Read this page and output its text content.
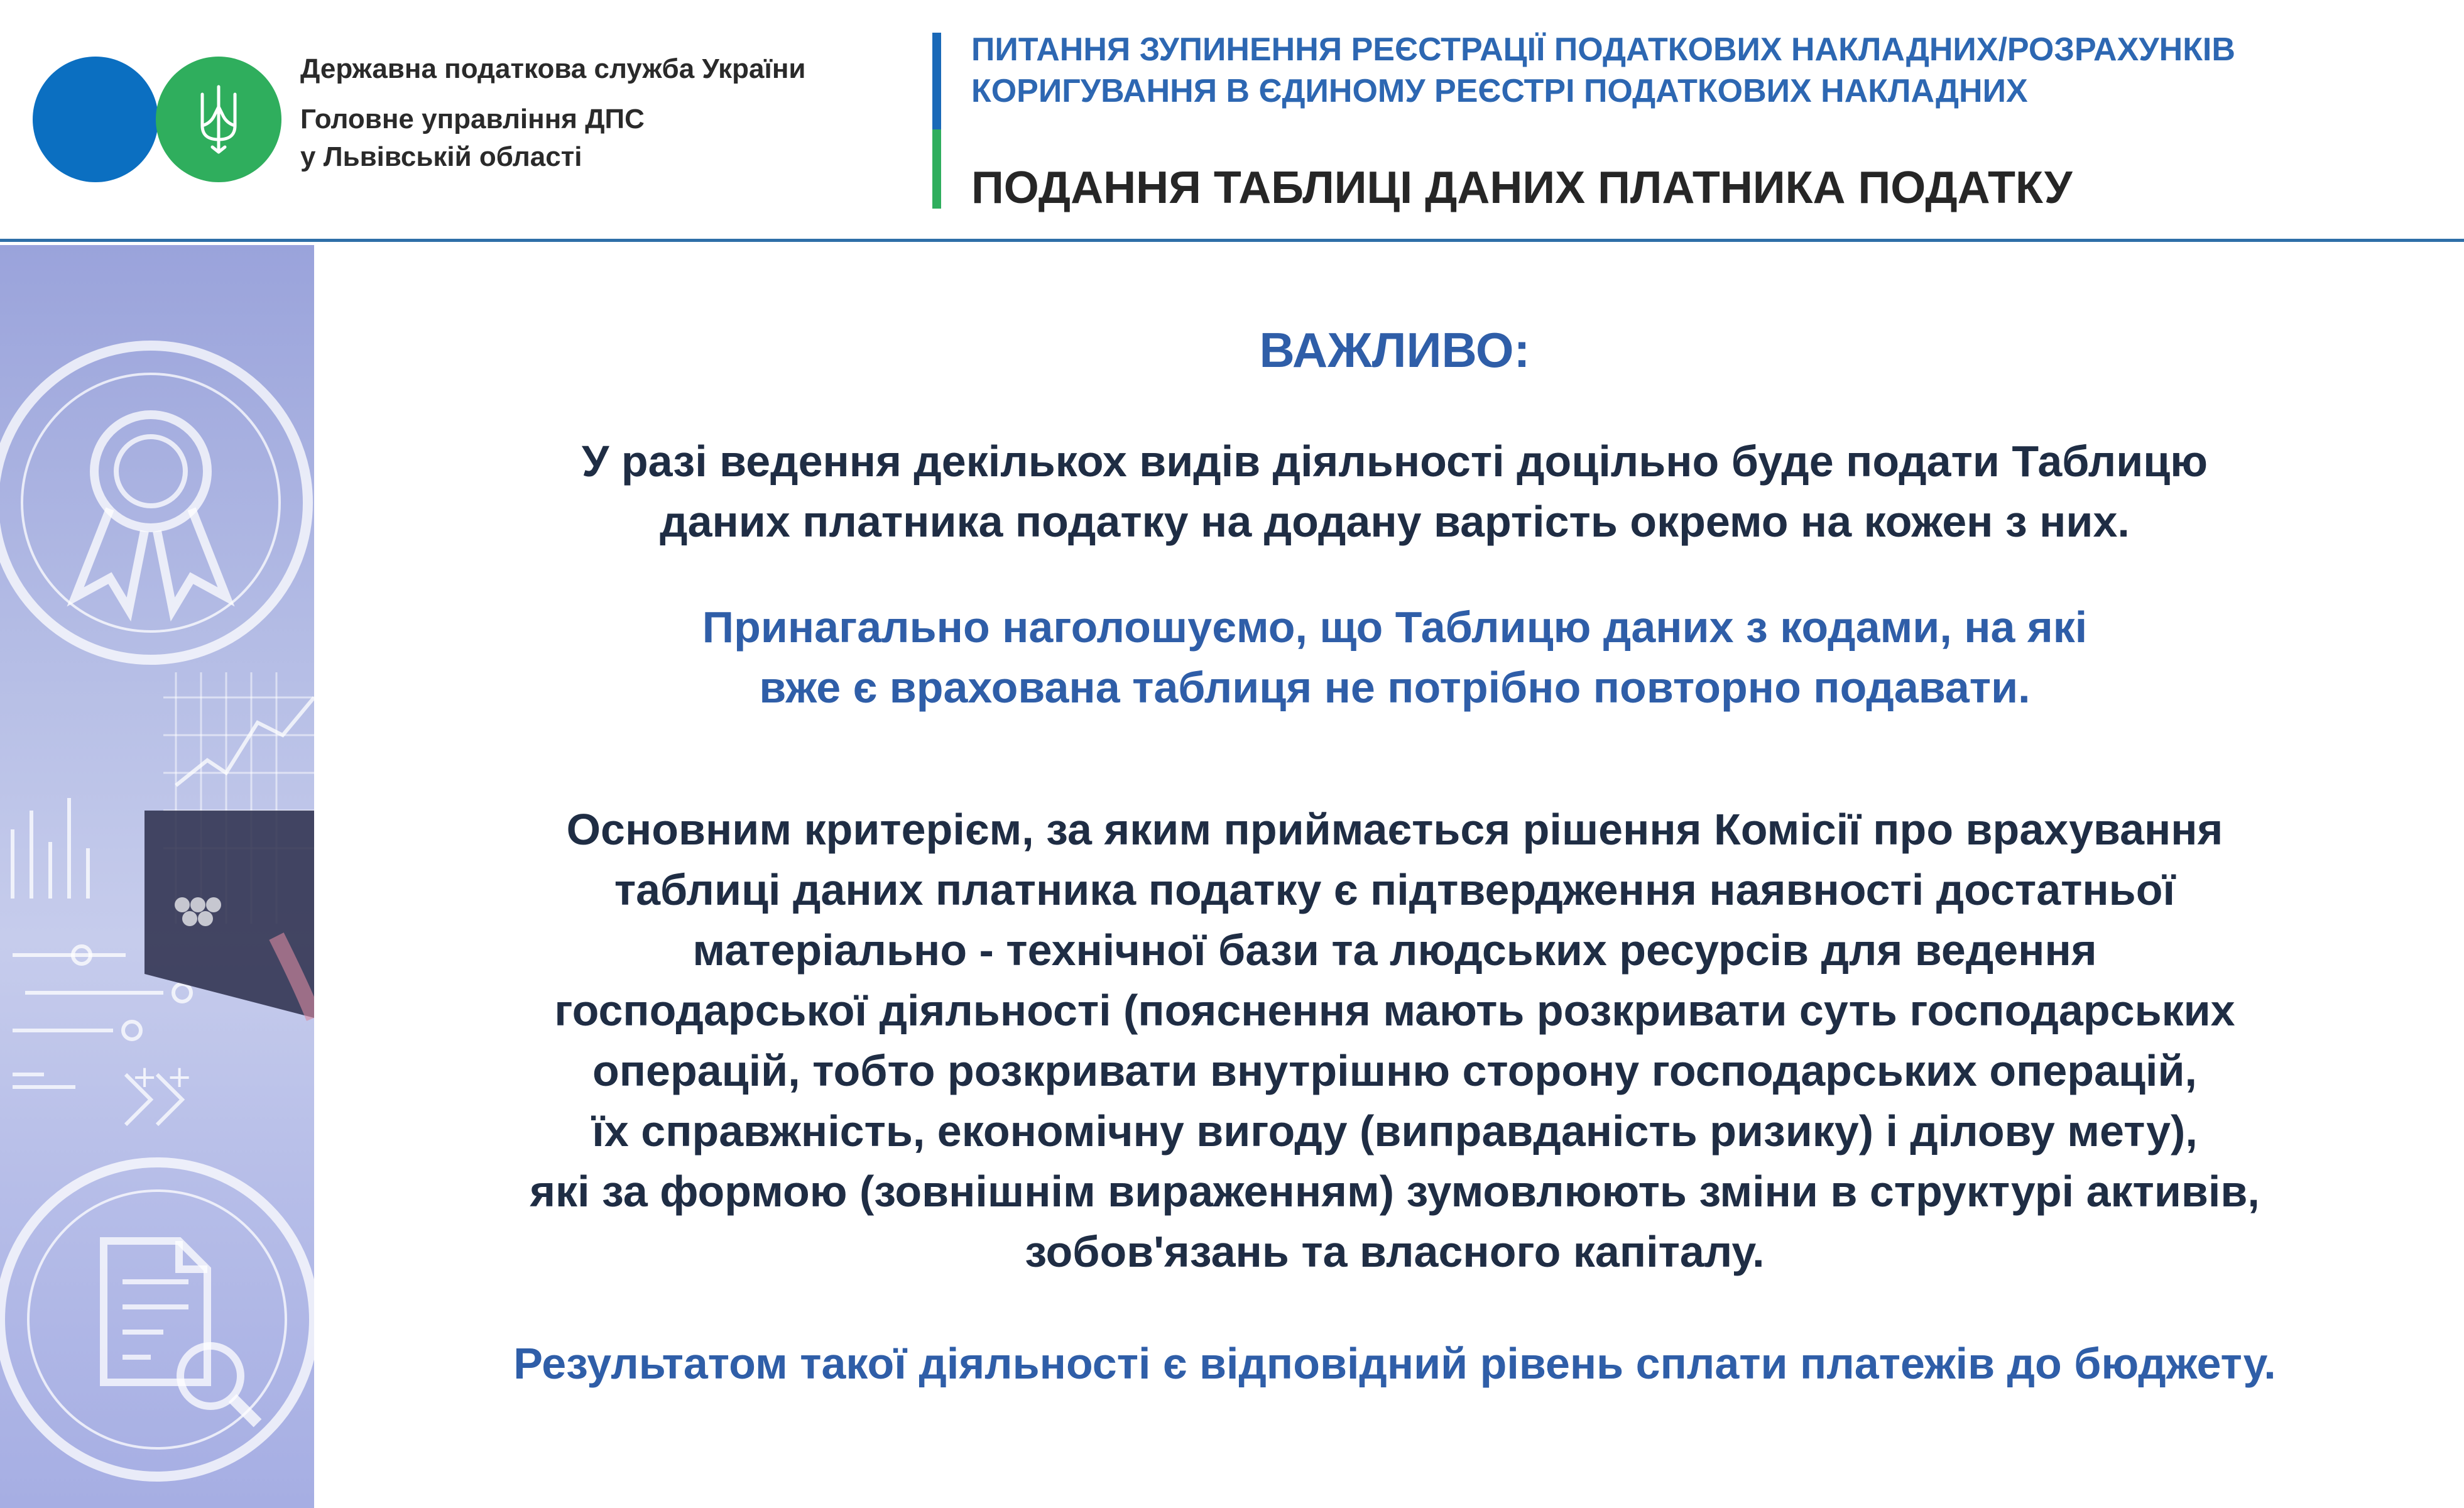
Державна податкова служба України
Головне управління ДПС
у Львівській області
ПИТАННЯ ЗУПИНЕННЯ РЕЄСТРАЦІЇ ПОДАТКОВИХ НАКЛАДНИХ/РОЗРАХУНКІВ
КОРИГУВАННЯ В ЄДИНОМУ РЕЄСТРІ ПОДАТКОВИХ НАКЛАДНИХ
ПОДАННЯ ТАБЛИЦІ ДАНИХ ПЛАТНИКА ПОДАТКУ
+ +
ВАЖЛИВО:
У разі ведення декількох видів діяльності доцільно буде подати Таблицю
даних платника податку на додану вартість окремо на кожен з них.
Принагально наголошуємо, що Таблицю даних з кодами, на які
вже є врахована таблиця не потрібно повторно подавати.
Основним критерієм, за яким приймається рішення Комісії про врахування
таблиці даних платника податку є підтвердження наявності достатньої
матеріально - технічної бази та людських ресурсів для ведення
господарської діяльності (пояснення мають розкривати суть господарських
операцій, тобто розкривати внутрішню сторону господарських операцій,
їх справжність, економічну вигоду (виправданість ризику) і ділову мету),
які за формою (зовнішнім вираженням) зумовлюють зміни в структурі активів,
зобов'язань та власного капіталу.
Результатом такої діяльності є відповідний рівень сплати платежів до бюджету.
